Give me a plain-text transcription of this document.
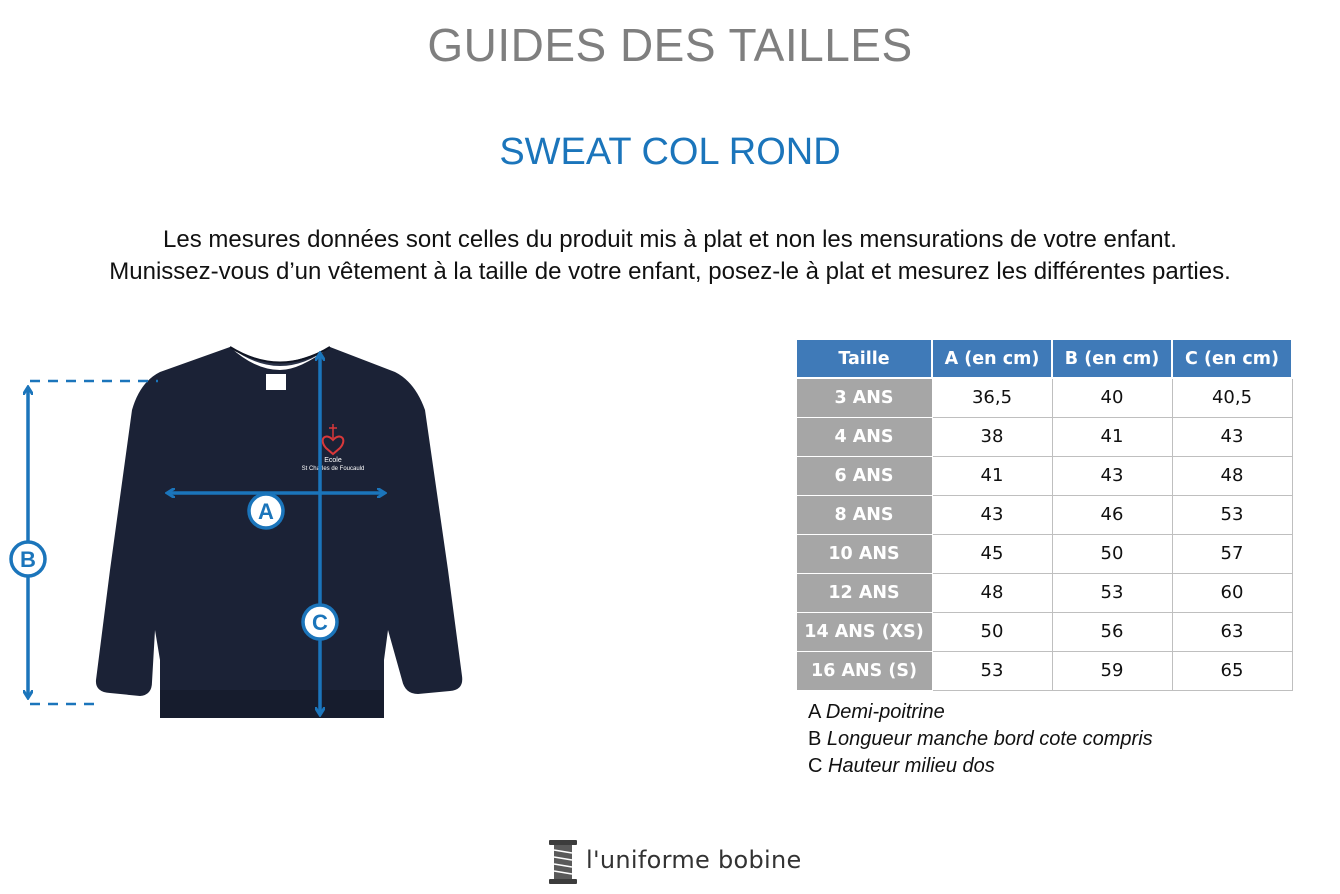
GUIDES DES TAILLES
SWEAT COL ROND
Les mesures données sont celles du produit mis à plat et non les mensurations de votre enfant.
Munissez-vous d’un vêtement à la taille de votre enfant, posez-le à plat et mesurez les différentes parties.
Ecole
St Charles de Foucauld
A
B
C
Taille	A (en cm)	B (en cm)	C (en cm)
3 ANS	36,5	40	40,5
4 ANS	38	41	43
6 ANS	41	43	48
8 ANS	43	46	53
10 ANS	45	50	57
12 ANS	48	53	60
14 ANS (XS)	50	56	63
16 ANS (S)	53	59	65
A Demi-poitrine
B Longueur manche bord cote compris
C Hauteur milieu dos
l'uniforme bobine
